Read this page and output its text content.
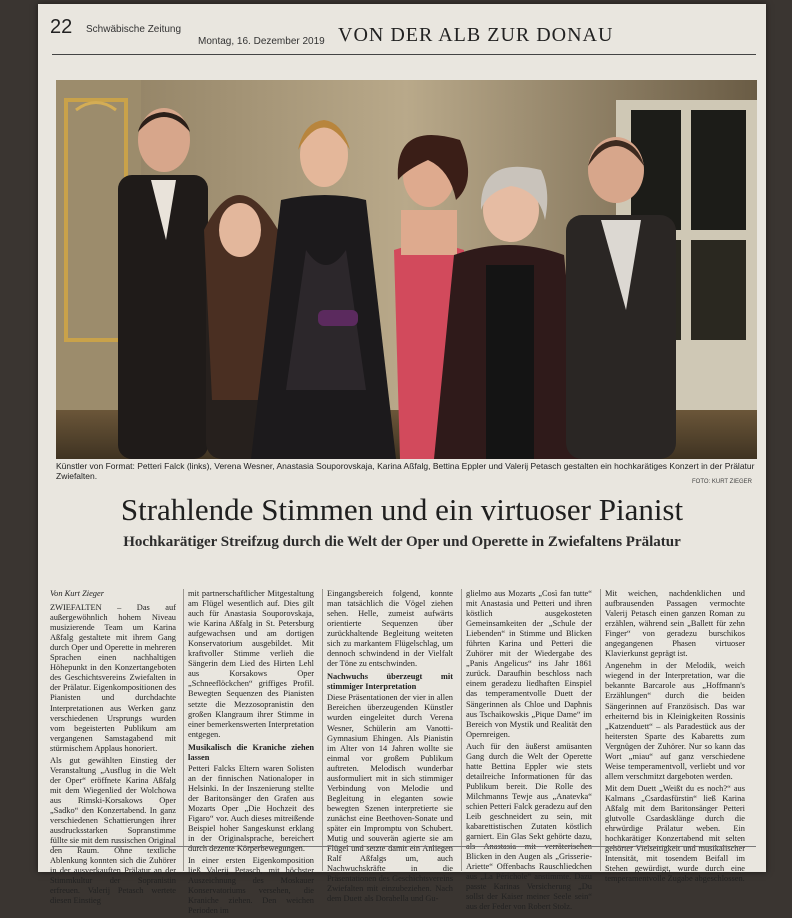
22 Schwäbische Zeitung
Montag, 16. Dezember 2019 VON DER ALB ZUR DONAU
Künstler von Format: Petteri Falck (links), Verena Wesner, Anastasia Souporovskaja, Karina Aßfalg, Bettina Eppler und Valerij Petasch gestalten ein hochkarätiges Konzert in der Prälatur Zwiefalten.
FOTO: KURT ZIEGER
Strahlende Stimmen und ein virtuoser Pianist
Hochkarätiger Streifzug durch die Welt der Oper und Operette in Zwiefaltens Prälatur

Von Kurt Zieger

ZWIEFALTEN – Das auf außergewöhnlich hohem Niveau musizierende Team um Karina Aßfalg gestaltete mit ihrem Gang durch Oper und Operette in mehreren Sprachen einen nachhaltigen Höhepunkt in den Konzertangeboten des Geschichtsvereins Zwiefalten in der Prälatur. Eigenkompositionen des Pianisten und durchdachte Interpretationen aus Werken ganz verschiedenen Ursprungs wurden vom begeisterten Publikum am vergangenen Samstagabend mit stürmischem Applaus honoriert.

Als gut gewählten Einstieg der Veranstaltung „Ausflug in die Welt der Oper“ eröffnete Karina Aßfalg mit dem Wiegenlied der Wolchowa aus Rimski-Korsakows Oper „Sadko“ den Konzertabend. In ganz verschiedenen Schattierungen ihrer ausdrucksstarken Sopranstimme füllte sie mit dem russischen Original den Raum. Ohne textliche Ablenkung konnten sich die Zuhörer in der ausverkauften Prälatur an der Stimmkultur der Sopranistin erfreuen. Valerij Petasch wertete diesen Einstieg

mit partnerschaftlicher Mitgestaltung am Flügel wesentlich auf. Dies gilt auch für Anastasia Souporovskaja, wie Karina Aßfalg in St. Petersburg aufgewachsen und am dortigen Konservatorium ausgebildet. Mit kraftvoller Stimme verlieh die Sängerin dem Lied des Hirten Lehl aus Korsakows Oper „Schneeflöckchen“ griffiges Profil. Bewegten Sequenzen des Pianisten setzte die Mezzosopranistin den großen Klangraum ihrer Stimme in einer bemerkenswerten Interpretation entgegen.

Musikalisch die Kraniche ziehen lassen

Petteri Falcks Eltern waren Solisten an der finnischen Nationaloper in Helsinki. In der Inszenierung stellte der Baritonsänger den Grafen aus Mozarts Oper „Die Hochzeit des Figaro“ vor. Auch dieses mitreißende Beispiel hoher Sangeskunst erklang in der Originalsprache, bereichert durch dezente Körperbewegungen.

In einer ersten Eigenkomposition ließ Valerij Petasch, mit höchster Auszeichnung des Moskauer Konservatoriums versehen, die Kraniche ziehen. Den weichen Perioden im

Eingangsbereich folgend, konnte man tatsächlich die Vögel ziehen sehen. Helle, zumeist aufwärts orientierte Sequenzen über zurückhaltende Begleitung weiteten sich zu markantem Flügelschlag, um dennoch schwindend in der Vielfalt der Töne zu entschwinden.

Nachwuchs überzeugt mit stimmiger Interpretation

Diese Präsentationen der vier in allen Bereichen überzeugenden Künstler wurden eingeleitet durch Verena Wesner, Schülerin am Vanotti-Gymnasium Ehingen. Als Pianistin im Alter von 14 Jahren wollte sie einmal vor großem Publikum auftreten. Melodisch wunderbar ausformuliert mit in sich stimmiger Verbindung von Melodie und Begleitung in eleganten sowie bewegten Szenen interpretierte sie zunächst eine Beethoven-Sonate und später ein Impromptu von Schubert. Mutig und souverän agierte sie am Flügel und setzte damit ein Anliegen Ralf Aßfalgs um, auch Nachwuchskräfte in die Präsentationen des Geschichtsvereins Zwiefalten mit einzubeziehen. Nach dem Duett als Dorabella und Gu-

glielmo aus Mozarts „Così fan tutte“ mit Anastasia und Petteri und ihren köstlich ausgekosteten Gemeinsamkeiten der „Schule der Liebenden“ in Stimme und Blicken führten Karina und Petteri die Zuhörer mit der Wiedergabe des „Panis Angelicus“ ins Jahr 1861 zurück. Daraufhin beschloss nach einem geradezu liedhaften Einspiel das temperamentvolle Duett der Sängerinnen als Chloe und Daphnis aus Tschaikowskis „Pique Dame“ im Bereich von Mystik und Realität den Opernreigen.

Auch für den äußerst amüsanten Gang durch die Welt der Operette hatte Bettina Eppler wie stets detailreiche Informationen für das Publikum bereit. Die Rolle des Milchmanns Tewje aus „Anatevka“ schien Petteri Falck geradezu auf den Leib geschneidert zu sein, mit kabarettistischen Zutaten köstlich garniert. Ein Glas Sekt gehörte dazu, als Anastasia mit verräterischen Blicken in den Augen als „Grisserie-Ariette“ Offenbachs Rauschliedchen aus „La Périchole“ anstimmte. Dazu passte Karinas Versicherung „Du sollst der Kaiser meiner Seele sein“ aus der Feder von Robert Stolz.

Mit weichen, nachdenklichen und aufbrausenden Passagen vermochte Valerij Petasch einen ganzen Roman zu erzählen, während sein „Ballett für zehn Finger“ von geradezu burschikos angegangenen Phasen virtuoser Klavierkunst geprägt ist.

Angenehm in der Melodik, weich wiegend in der Interpretation, war die bekannte Barcarole aus „Hoffmann's Erzählungen“ durch die beiden Sängerinnen auf Französisch. Das war erheiternd bis in Kleinigkeiten Rossinis „Katzenduett“ – als Paradestück aus der heitersten Sparte des Kabaretts zum Vergnügen der Zuhörer. Nur so kann das Wort „miau“ auf ganz verschiedene Weise temperamentvoll, verliebt und vor allem verschmitzt dargeboten werden.

Mit dem Duett „Weißt du es noch?“ aus Kalmans „Csardasfürstin“ ließ Karina Aßfalg mit dem Baritonsänger Petteri glutvolle Csardasklänge durch die ehrwürdige Prälatur weben. Ein hochkarätiger Konzertabend mit selten gehörter Vielseitigkeit und musikalischer Intensität, mit tosendem Beifall im Stehen gewürdigt, wurde durch eine temperamentvolle Zugabe abgeschlossen.
